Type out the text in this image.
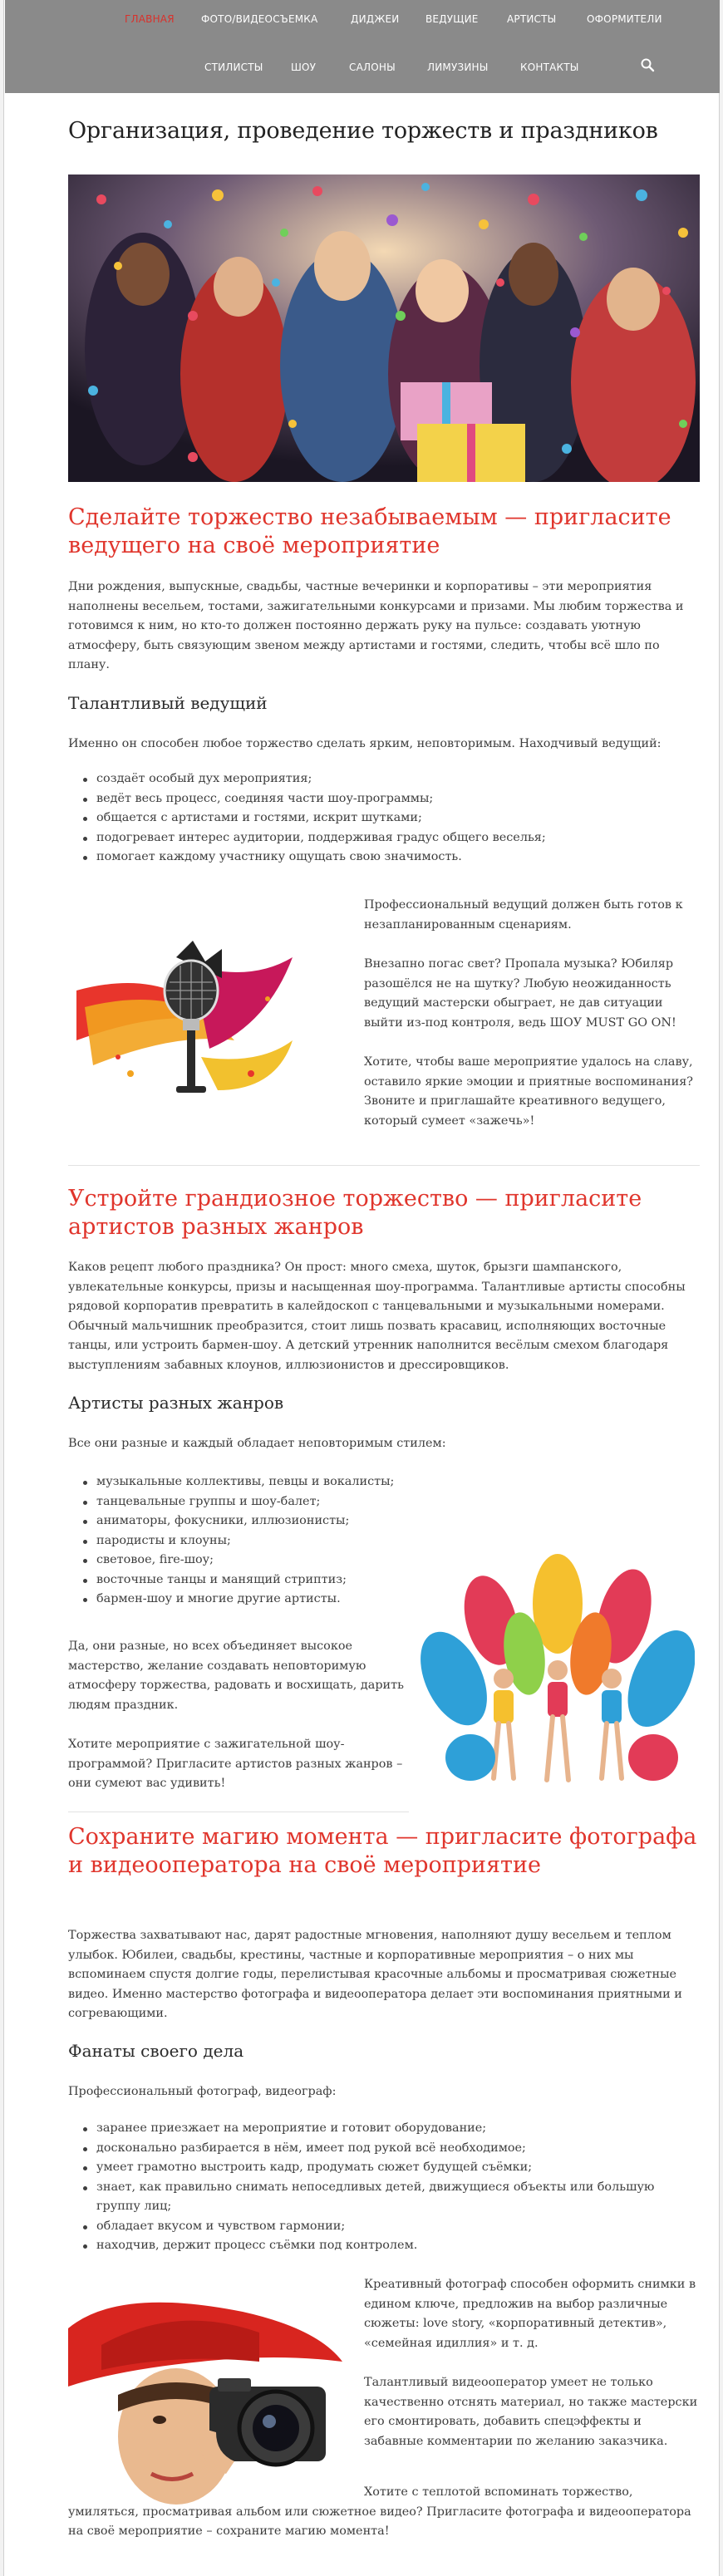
ГЛАВНАЯ	ФОТО/ВИДЕОСЪЕМКА	ДИДЖЕИ	ВЕДУЩИЕ	АРТИСТЫ	ОФОРМИТЕЛИ
СТИЛИСТЫ	ШОУ	САЛОНЫ	ЛИМУЗИНЫ	КОНТАКТЫ
Организация, проведение торжеств и праздников
Сделайте торжество незабываемым — пригласите ведущего на своё мероприятие

Дни рождения, выпускные, свадьбы, частные вечеринки и корпоративы – эти мероприятия наполнены весельем, тостами, зажигательными конкурсами и призами. Мы любим торжества и готовимся к ним, но кто-то должен постоянно держать руку на пульсе: создавать уютную атмосферу, быть связующим звеном между артистами и гостями, следить, чтобы всё шло по плану.

Талантливый ведущий

Именно он способен любое торжество сделать ярким, неповторимым. Находчивый ведущий:

создаёт особый дух мероприятия;
ведёт весь процесс, соединяя части шоу-программы;
общается с артистами и гостями, искрит шутками;
подогревает интерес аудитории, поддерживая градус общего веселья;
помогает каждому участнику ощущать свою значимость.

Профессиональный ведущий должен быть готов к незапланированным сценариям.

Внезапно погас свет? Пропала музыка? Юбиляр разошёлся не на шутку? Любую неожиданность ведущий мастерски обыграет, не дав ситуации выйти из-под контроля, ведь ШОУ MUST GO ON!

Хотите, чтобы ваше мероприятие удалось на славу, оставило яркие эмоции и приятные воспоминания? Звоните и приглашайте креативного ведущего, который сумеет «зажечь»!

Устройте грандиозное торжество — пригласите артистов разных жанров

Каков рецепт любого праздника? Он прост: много смеха, шуток, брызги шампанского, увлекательные конкурсы, призы и насыщенная шоу-программа. Талантливые артисты способны рядовой корпоратив превратить в калейдоскоп с танцевальными и музыкальными номерами. Обычный мальчишник преобразится, стоит лишь позвать красавиц, исполняющих восточные танцы, или устроить бармен-шоу. А детский утренник наполнится весёлым смехом благодаря выступлениям забавных клоунов, иллюзионистов и дрессировщиков.

Артисты разных жанров

Все они разные и каждый обладает неповторимым стилем:

музыкальные коллективы, певцы и вокалисты;
танцевальные группы и шоу-балет;
аниматоры, фокусники, иллюзионисты;
пародисты и клоуны;
световое, fire-шоу;
восточные танцы и манящий стриптиз;
бармен-шоу и многие другие артисты.

Да, они разные, но всех объединяет высокое мастерство, желание создавать неповторимую атмосферу торжества, радовать и восхищать, дарить людям праздник.

Хотите мероприятие с зажигательной шоу-программой? Пригласите артистов разных жанров – они сумеют вас удивить!

Сохраните магию момента — пригласите фотографа и видеооператора на своё мероприятие

Торжества захватывают нас, дарят радостные мгновения, наполняют душу весельем и теплом улыбок. Юбилеи, свадьбы, крестины, частные и корпоративные мероприятия – о них мы вспоминаем спустя долгие годы, перелистывая красочные альбомы и просматривая сюжетные видео. Именно мастерство фотографа и видеооператора делает эти воспоминания приятными и согревающими.

Фанаты своего дела

Профессиональный фотограф, видеограф:

заранее приезжает на мероприятие и готовит оборудование;
досконально разбирается в нём, имеет под рукой всё необходимое;
умеет грамотно выстроить кадр, продумать сюжет будущей съёмки;
знает, как правильно снимать непоседливых детей, движущиеся объекты или большую группу лиц;
обладает вкусом и чувством гармонии;
находчив, держит процесс съёмки под контролем.

Креативный фотограф способен оформить снимки в едином ключе, предложив на выбор различные сюжеты: love story, «корпоративный детектив», «семейная идиллия» и т. д.

Талантливый видеооператор умеет не только качественно отснять материал, но также мастерски его смонтировать, добавить спецэффекты и забавные комментарии по желанию заказчика.

Хотите с теплотой вспоминать торжество, умиляться, просматривая альбом или сюжетное видео? Пригласите фотографа и видеооператора на своё мероприятие – сохраните магию момента!
